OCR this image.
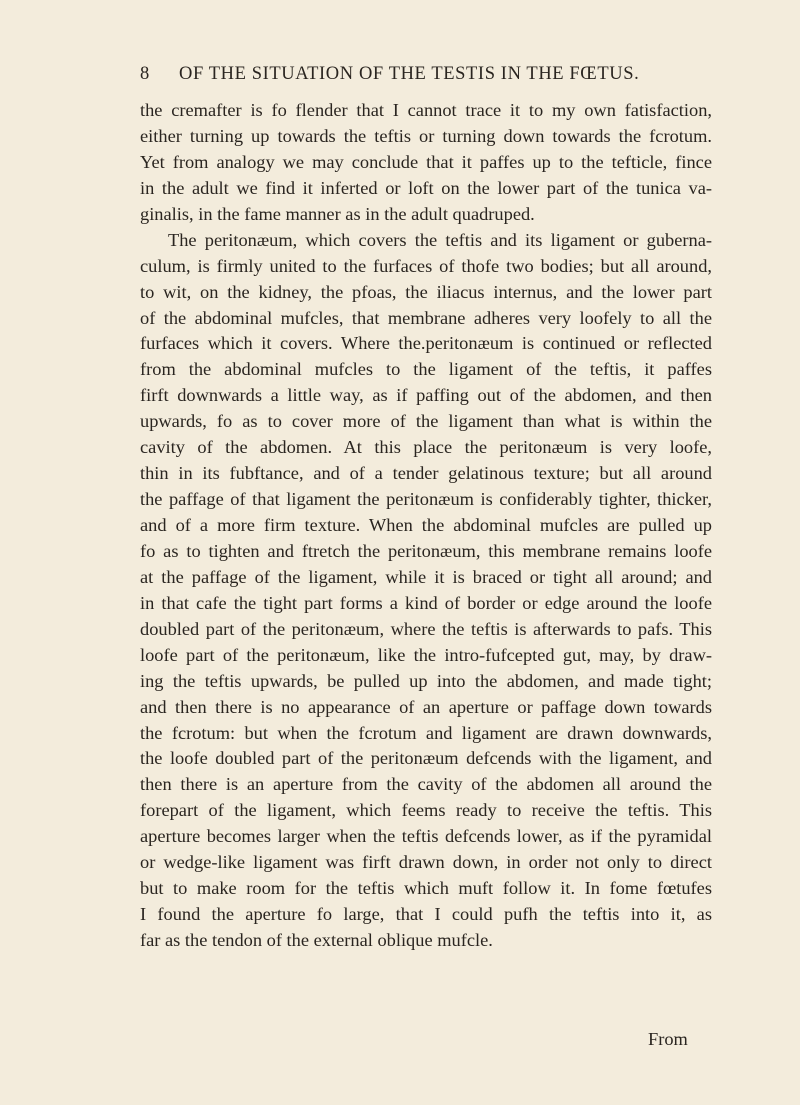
8 OF THE SITUATION OF THE TESTIS IN THE FŒTUS.
the cremafter is fo flender that I cannot trace it to my own fatisfaction,
either turning up towards the teftis or turning down towards the fcrotum.
Yet from analogy we may conclude that it paffes up to the tefticle, fince
in the adult we find it inferted or loft on the lower part of the tunica va-
ginalis, in the fame manner as in the adult quadruped.
The peritonæum, which covers the teftis and its ligament or guberna-
culum, is firmly united to the furfaces of thofe two bodies; but all around,
to wit, on the kidney, the pfoas, the iliacus internus, and the lower part
of the abdominal mufcles, that membrane adheres very loofely to all the
furfaces which it covers. Where the.peritonæum is continued or reflected
from the abdominal mufcles to the ligament of the teftis, it paffes
firft downwards a little way, as if paffing out of the abdomen, and then
upwards, fo as to cover more of the ligament than what is within the
cavity of the abdomen. At this place the peritonæum is very loofe,
thin in its fubftance, and of a tender gelatinous texture; but all around
the paffage of that ligament the peritonæum is confiderably tighter, thicker,
and of a more firm texture. When the abdominal mufcles are pulled up
fo as to tighten and ftretch the peritonæum, this membrane remains loofe
at the paffage of the ligament, while it is braced or tight all around; and
in that cafe the tight part forms a kind of border or edge around the loofe
doubled part of the peritonæum, where the teftis is afterwards to pafs. This
loofe part of the peritonæum, like the intro-fufcepted gut, may, by draw-
ing the teftis upwards, be pulled up into the abdomen, and made tight;
and then there is no appearance of an aperture or paffage down towards
the fcrotum: but when the fcrotum and ligament are drawn downwards,
the loofe doubled part of the peritonæum defcends with the ligament, and
then there is an aperture from the cavity of the abdomen all around the
forepart of the ligament, which feems ready to receive the teftis. This
aperture becomes larger when the teftis defcends lower, as if the pyramidal
or wedge-like ligament was firft drawn down, in order not only to direct
but to make room for the teftis which muft follow it. In fome fœtufes
I found the aperture fo large, that I could pufh the teftis into it, as
far as the tendon of the external oblique mufcle.
From
